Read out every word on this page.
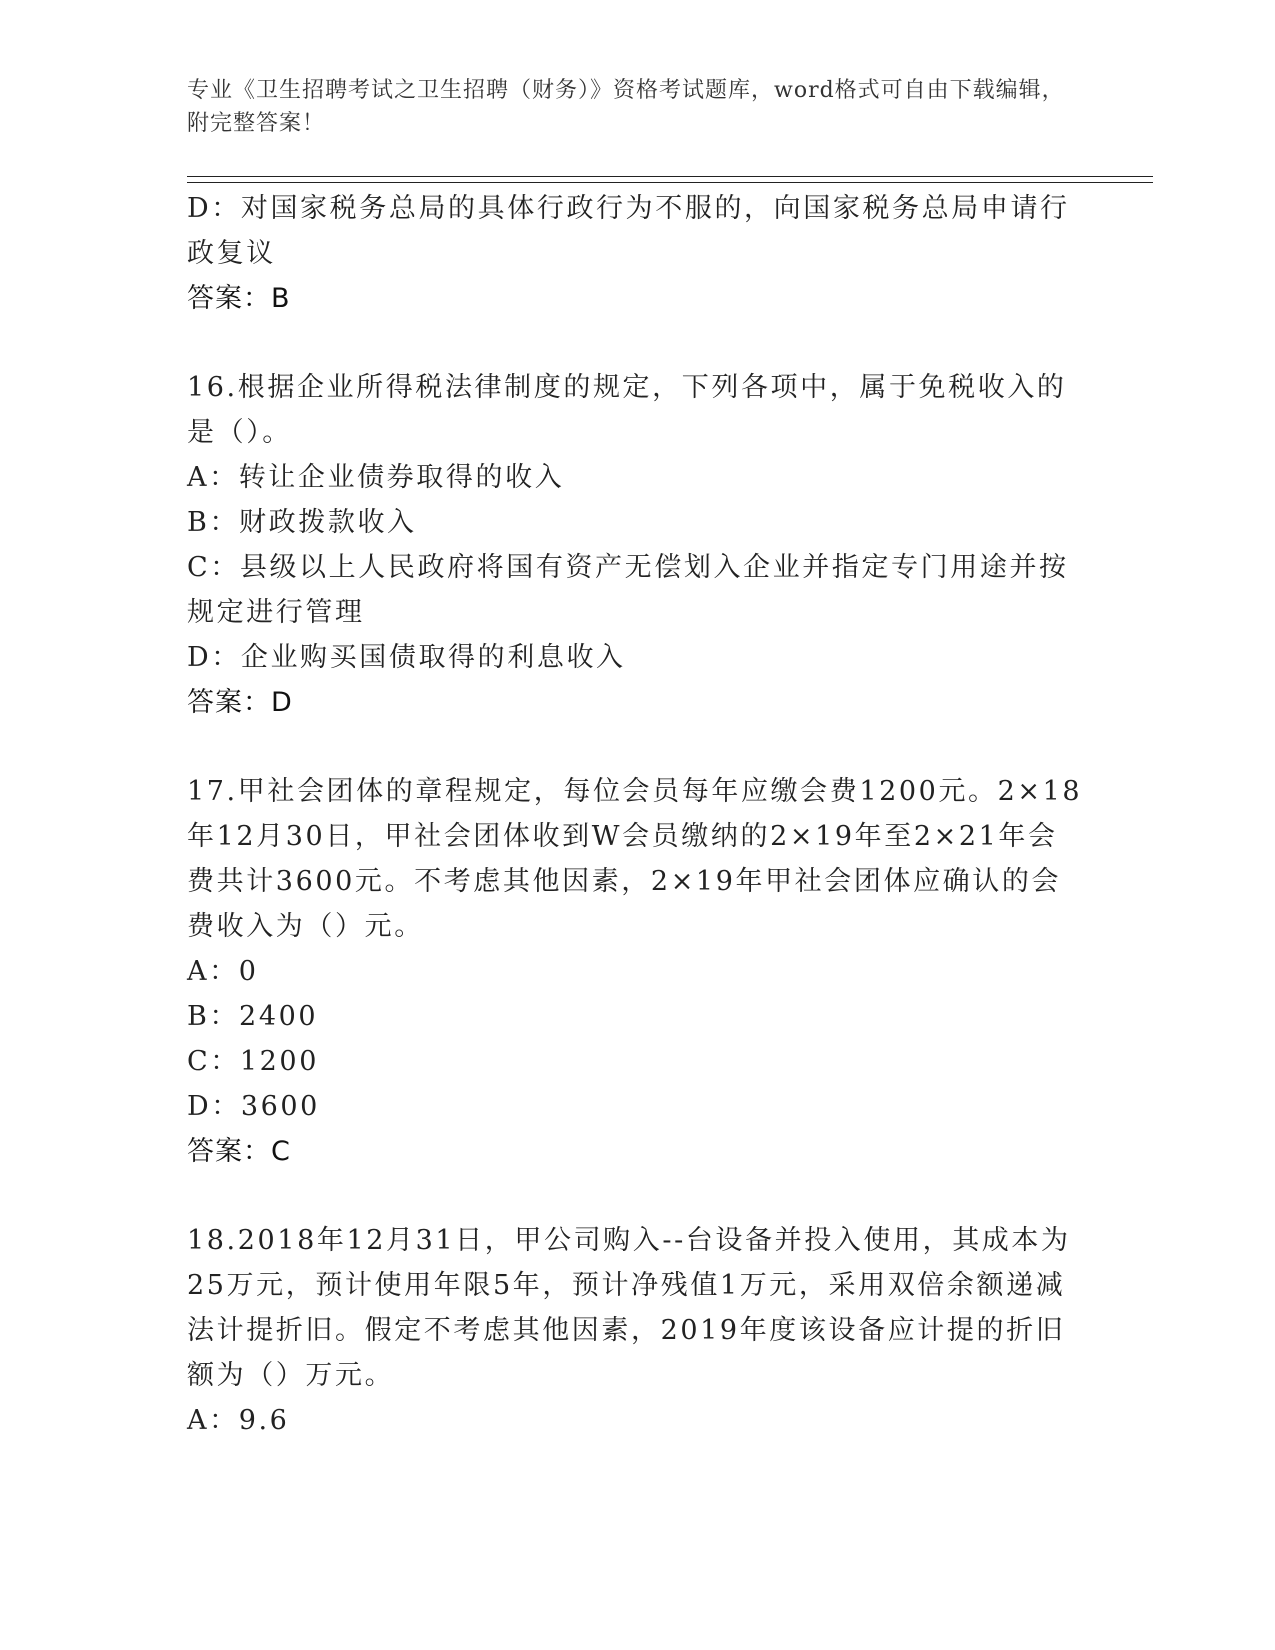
专业《卫生招聘考试之卫生招聘（财务）》资格考试题库，word格式可自由下载编辑，附完整答案！
D：对国家税务总局的具体行政行为不服的，向国家税务总局申请行政复议
答案：B
16.根据企业所得税法律制度的规定，下列各项中，属于免税收入的是（）。
A：转让企业债券取得的收入
B：财政拨款收入
C：县级以上人民政府将国有资产无偿划入企业并指定专门用途并按规定进行管理
D：企业购买国债取得的利息收入
答案：D
17.甲社会团体的章程规定，每位会员每年应缴会费1200元。2×18年12月30日，甲社会团体收到W会员缴纳的2×19年至2×21年会费共计3600元。不考虑其他因素，2×19年甲社会团体应确认的会费收入为（）元。
A：0
B：2400
C：1200
D：3600
答案：C
18.2018年12月31日，甲公司购入--台设备并投入使用，其成本为25万元，预计使用年限5年，预计净残值1万元，采用双倍余额递减法计提折旧。假定不考虑其他因素，2019年度该设备应计提的折旧额为（）万元。
A：9.6
